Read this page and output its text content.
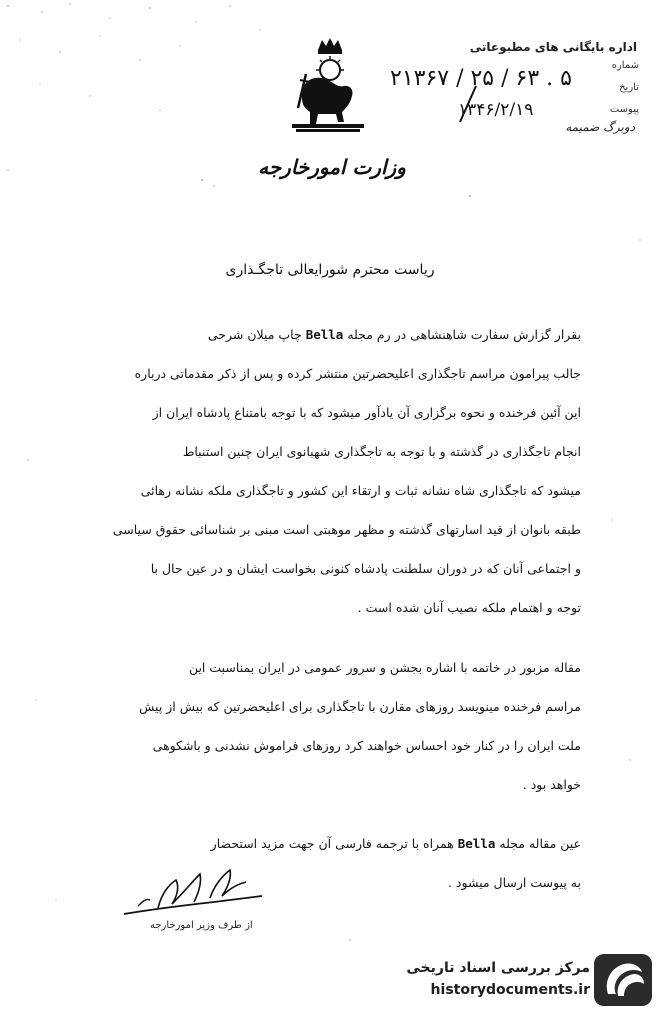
اداره بایگانی های مطبوعاتی
شماره
تاریخ
پیوست
۲۱۳۶۷ / ۲۵ / ۶۳ . ۵
۱۳۴۶/۲/۱۹
دوبرگ ضمیمه
وزارت امورخارجه
ریاست محترم شورایعالی تاجگـذاری
بقرار گزارش سفارت شاهنشاهی در رم مجله Bella چاپ میلان شرحی
جالب پیرامون مراسم تاجگذاری اعلیحضرتین منتشر کرده و پس از ذکر مقدماتی درباره
این آئین فرخنده و نحوه برگزاری آن یادآور میشود که با توجه بامتناع پادشاه ایران از
انجام تاجگذاری در گذشته و با توجه به تاجگذاری شهبانوی ایران چنین استنباط
میشود که تاجگذاری شاه نشانه ثبات و ارتقاء این کشور و تاجگذاری ملکه نشانه رهائی
طبقه بانوان از قید اسارتهای گذشته و مظهر موهبتی است مبنی بر شناسائی حقوق سیاسی
و اجتماعی آنان که در دوران سلطنت پادشاه کنونی بخواست ایشان و در عین حال با
توجه و اهتمام ملکه نصیب آنان شده است .
مقاله مزبور در خاتمه با اشاره بجشن و سرور عمومی در ایران بمناسبت این
مراسم فرخنده مینویسد روزهای مقارن با تاجگذاری برای اعلیحضرتین که بیش از پیش
ملت ایران را در کنار خود احساس خواهند کرد روزهای فراموش نشدنی و باشکوهی
خواهد بود .
عین مقاله مجله Bella همراه با ترجمه فارسی آن جهت مزید استحضار
به پیوست ارسال میشود .
از طرف وزیر امورخارجه
مرکز بررسی اسناد تاریخی
historydocuments.ir
